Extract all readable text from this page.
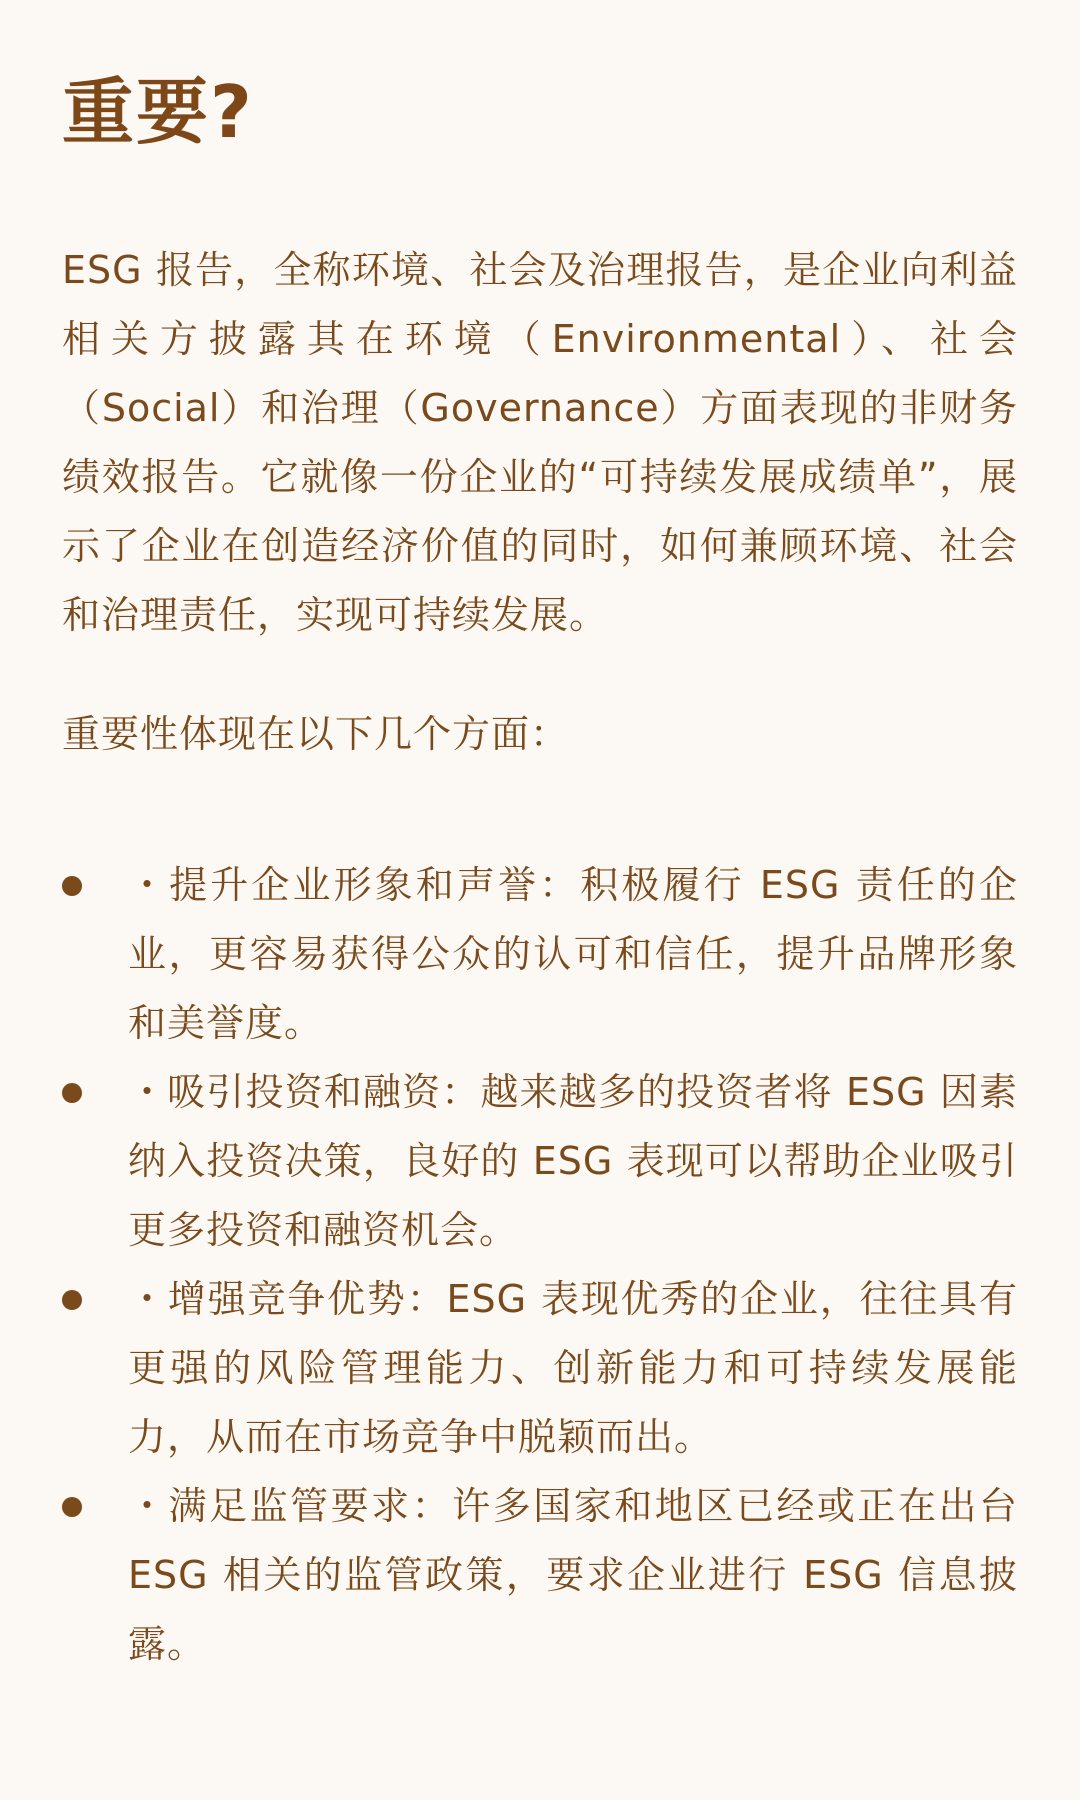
重要?

ESG 报告，全称环境、社会及治理报告，是企业向利益相关方披露其在环境（Environmental）、社会（Social）和治理（Governance）方面表现的非财务绩效报告。它就像一份企业的“可持续发展成绩单”，展示了企业在创造经济价值的同时，如何兼顾环境、社会和治理责任，实现可持续发展。

重要性体现在以下几个方面：

・提升企业形象和声誉：积极履行 ESG 责任的企业，更容易获得公众的认可和信任，提升品牌形象和美誉度。
・吸引投资和融资：越来越多的投资者将 ESG 因素纳入投资决策，良好的 ESG 表现可以帮助企业吸引更多投资和融资机会。
・增强竞争优势：ESG 表现优秀的企业，往往具有更强的风险管理能力、创新能力和可持续发展能力，从而在市场竞争中脱颖而出。
・满足监管要求：许多国家和地区已经或正在出台 ESG 相关的监管政策，要求企业进行 ESG 信息披露。
